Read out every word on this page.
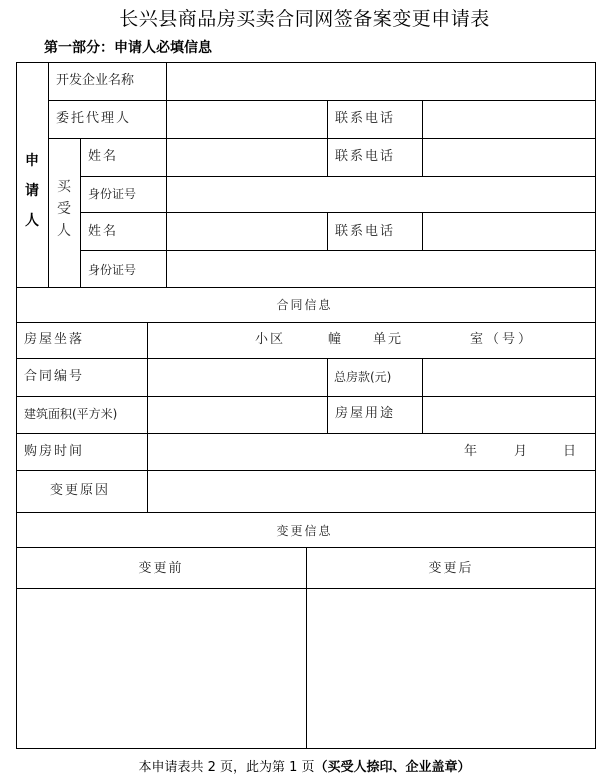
长兴县商品房买卖合同网签备案变更申请表
第一部分：申请人必填信息
申请人
买受人
开发企业名称
委托代理人	联系电话
姓名	联系电话
身份证号
姓名	联系电话
身份证号
合同信息
房屋坐落	小区	幢 单元	室（号）
合同编号	总房款(元)
建筑面积(平方米)	房屋用途
购房时间	年	月	日
变更原因
变更信息
变更前	变更后
本申请表共 2 页，此为第 1 页（买受人捺印、企业盖章）
